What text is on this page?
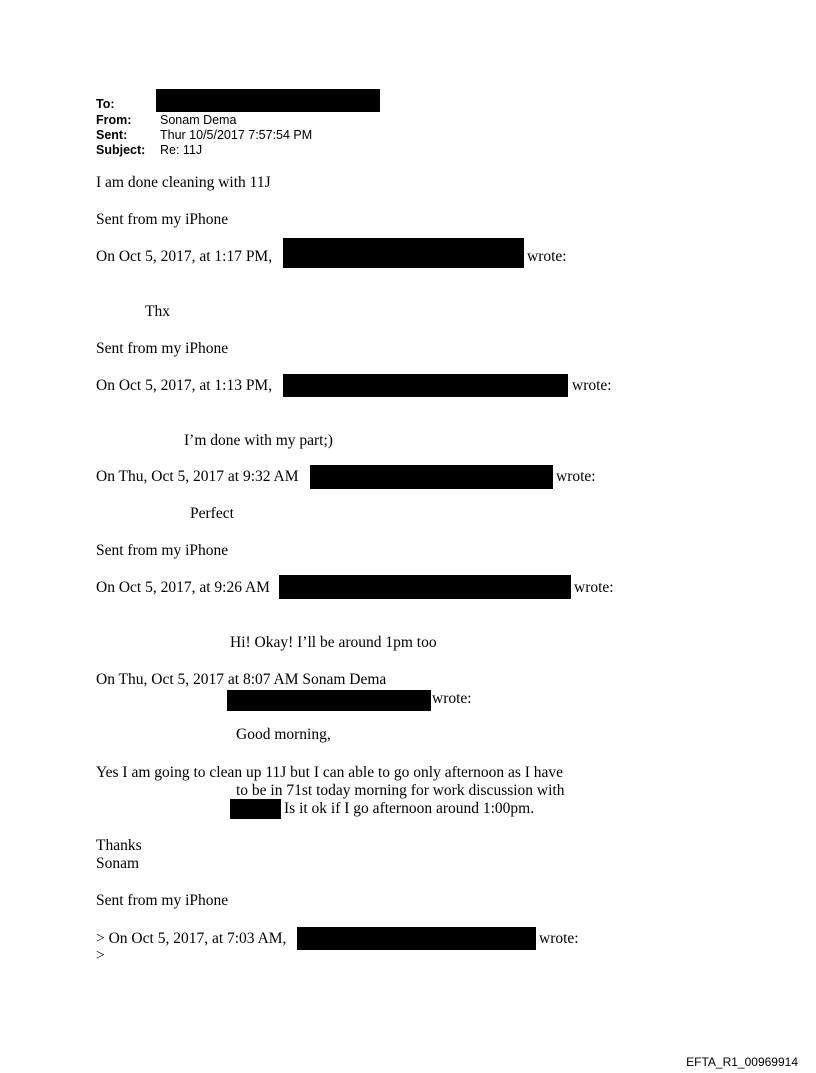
To:
From: Sonam Dema
Sent:	Thur 10/5/2017 7:57:54 PM
Subject: Re: 11J
I am done cleaning with 11J
Sent from my iPhone
On Oct 5, 2017, at 1:17 PM,	wrote:
Thx
Sent from my iPhone
On Oct 5, 2017, at 1:13 PM,	wrote:
I’m done with my part;)
On Thu, Oct 5, 2017 at 9:32 AM	wrote:
Perfect
Sent from my iPhone
On Oct 5, 2017, at 9:26 AM	wrote:
Hi! Okay! I’ll be around 1pm too
On Thu, Oct 5, 2017 at 8:07 AM Sonam Dema
wrote:
Good morning,
Yes I am going to clean up 11J but I can able to go only afternoon as I have
to be in 71st today morning for work discussion with
Is it ok if I go afternoon around 1:00pm.
Thanks
Sonam
Sent from my iPhone
> On Oct 5, 2017, at 7:03 AM,	wrote:
>
EFTA_R1_00969914
